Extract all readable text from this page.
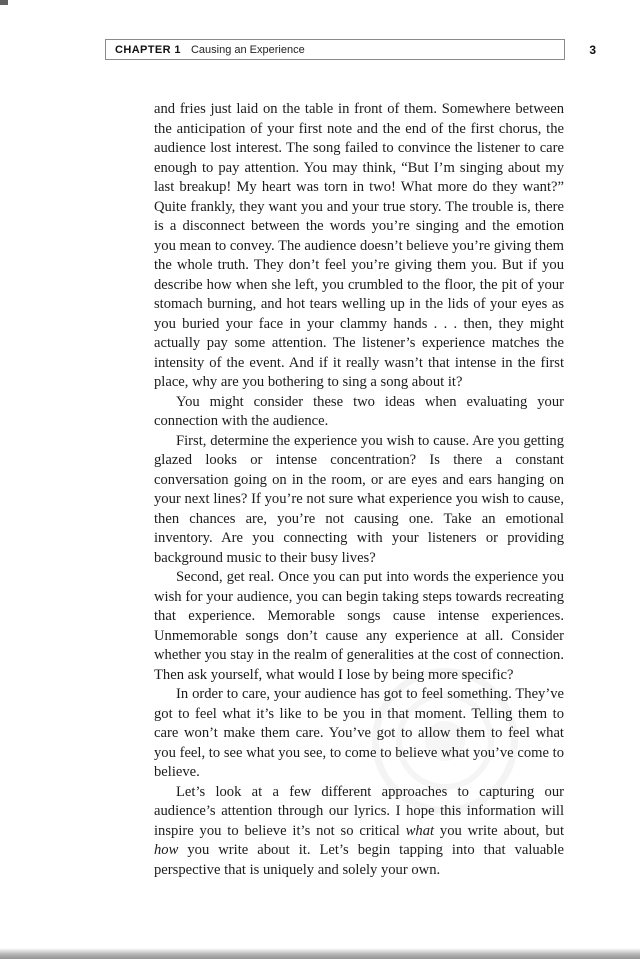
CHAPTER 1 Causing an Experience	3

and fries just laid on the table in front of them. Somewhere between the anticipation of your first note and the end of the first chorus, the audience lost interest. The song failed to convince the listener to care enough to pay attention. You may think, “But I’m singing about my last breakup! My heart was torn in two! What more do they want?” Quite frankly, they want you and your true story. The trouble is, there is a disconnect between the words you’re singing and the emotion you mean to convey. The audience doesn’t believe you’re giving them the whole truth. They don’t feel you’re giving them you. But if you describe how when she left, you crumbled to the floor, the pit of your stomach burning, and hot tears welling up in the lids of your eyes as you buried your face in your clammy hands . . . then, they might actually pay some attention. The listener’s experience matches the intensity of the event. And if it really wasn’t that intense in the first place, why are you bothering to sing a song about it?

You might consider these two ideas when evaluating your connection with the audience.

First, determine the experience you wish to cause. Are you getting glazed looks or intense concentration? Is there a constant conversation going on in the room, or are eyes and ears hanging on your next lines? If you’re not sure what experience you wish to cause, then chances are, you’re not causing one. Take an emotional inventory. Are you connecting with your listeners or providing background music to their busy lives?

Second, get real. Once you can put into words the experience you wish for your audience, you can begin taking steps towards recreating that experience. Memorable songs cause intense experiences. Unmemorable songs don’t cause any experience at all. Consider whether you stay in the realm of generalities at the cost of connection. Then ask yourself, what would I lose by being more specific?

In order to care, your audience has got to feel something. They’ve got to feel what it’s like to be you in that moment. Telling them to care won’t make them care. You’ve got to allow them to feel what you feel, to see what you see, to come to believe what you’ve come to believe.

Let’s look at a few different approaches to capturing our audience’s attention through our lyrics. I hope this information will inspire you to believe it’s not so critical what you write about, but how you write about it. Let’s begin tapping into that valuable perspective that is uniquely and solely your own.
